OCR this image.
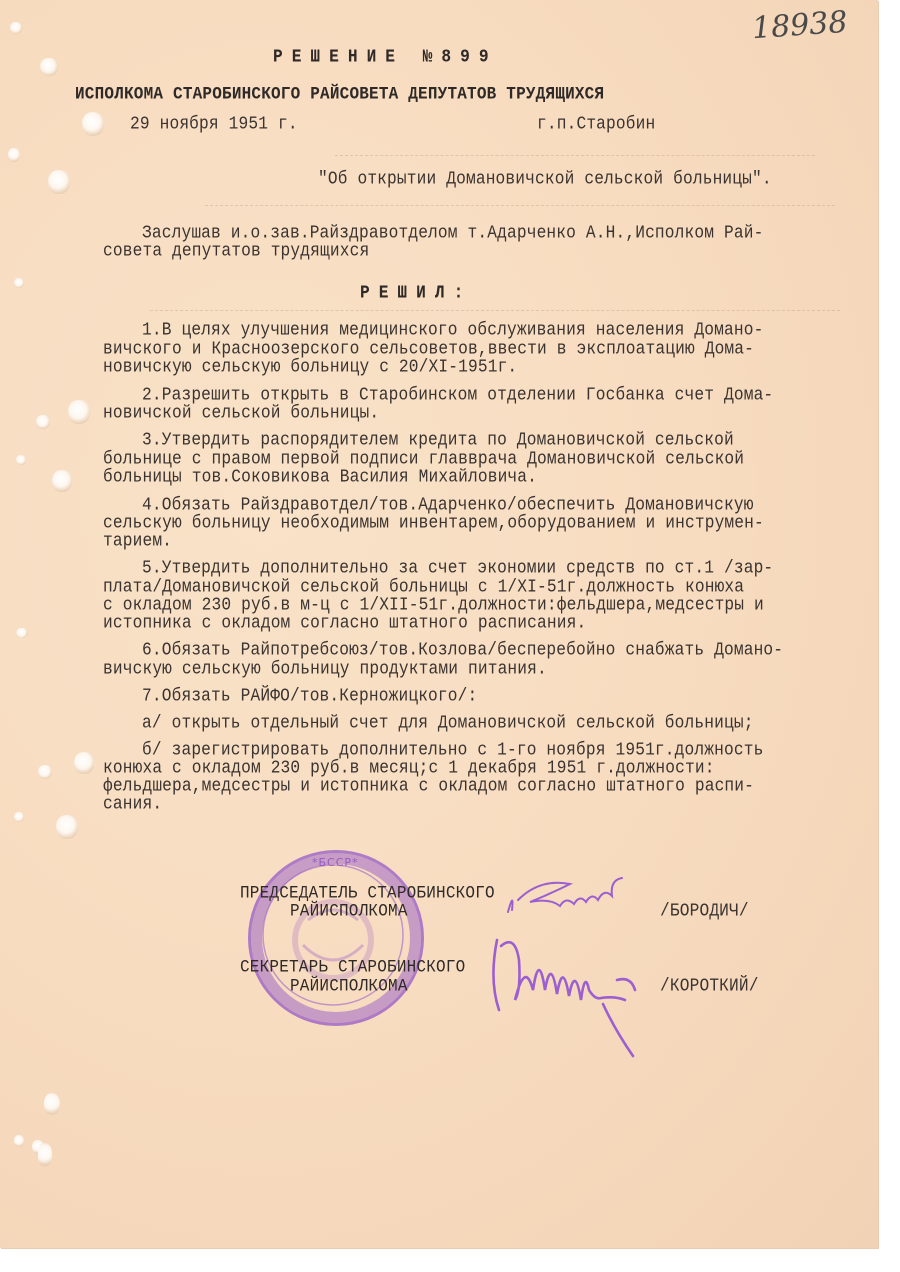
18938
РЕШЕНИЕ №899
ИСПОЛКОМА СТАРОБИНСКОГО РАЙСОВЕТА ДЕПУТАТОВ ТРУДЯЩИХСЯ
29 ноября 1951 г.	г.п.Старобин
"Об открытии Домановичской сельской больницы".
Заслушав и.о.зав.Райздравотделом т.Адарченко А.Н.,Исполком Рай-
совета депутатов трудящихся
РЕШИЛ:
1.В целях улучшения медицинского обслуживания населения Домано-
вичского и Красноозерского сельсоветов,ввести в эксплоатацию Дома-
новичскую сельскую больницу с 20/XI-1951г.
2.Разрешить открыть в Старобинском отделении Госбанка счет Дома-
новичской сельской больницы.
3.Утвердить распорядителем кредита по Домановичской сельской
больнице с правом первой подписи главврача Домановичской сельской
больницы тов.Соковикова Василия Михайловича.
4.Обязать Райздравотдел/тов.Адарченко/обеспечить Домановичскую
сельскую больницу необходимым инвентарем,оборудованием и инструмен-
тарием.
5.Утвердить дополнительно за счет экономии средств по ст.1 /зар-
плата/Домановичской сельской больницы с 1/XI-51г.должность конюха
с окладом 230 руб.в м-ц с 1/XII-51г.должности:фельдшера,медсестры и
истопника с окладом согласно штатного расписания.
6.Обязать Райпотребсоюз/тов.Козлова/бесперебойно снабжать Домано-
вичскую сельскую больницу продуктами питания.
7.Обязать РАЙФО/тов.Керножицкого/:
а/ открыть отдельный счет для Домановичской сельской больницы;
б/ зарегистрировать дополнительно с 1-го ноября 1951г.должность
конюха с окладом 230 руб.в месяц;с 1 декабря 1951 г.должности:
фельдшера,медсестры и истопника с окладом согласно штатного распи-
сания.
*БССР*
ПРЕДСЕДАТЕЛЬ СТАРОБИНСКОГО
РАЙИСПОЛКОМА	/БОРОДИЧ/
СЕКРЕТАРЬ СТАРОБИНСКОГО
РАЙИСПОЛКОМА	/КОРОТКИЙ/
